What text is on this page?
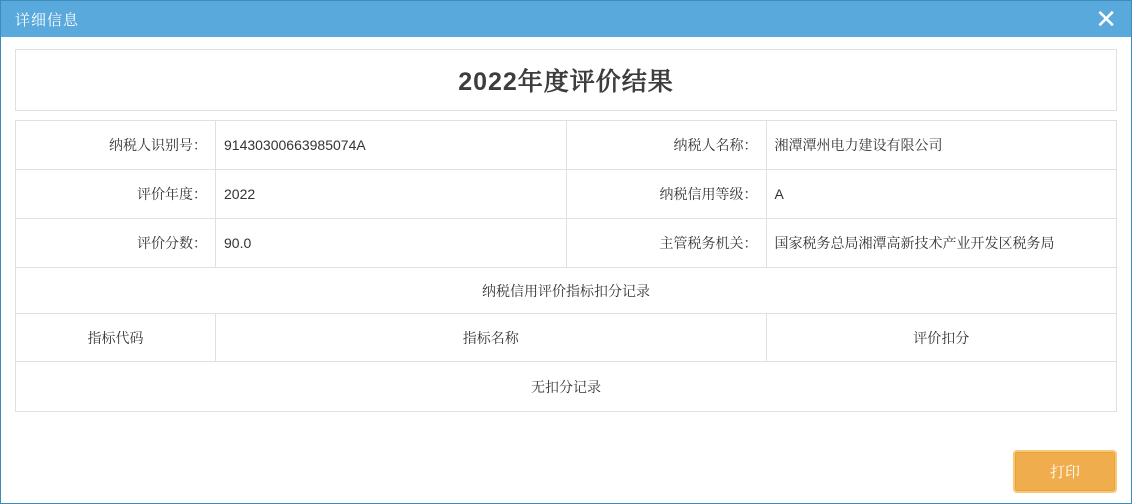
详细信息	✕
2022年度评价结果
纳税人识别号：	91430300663985074A	纳税人名称：	湘潭潭州电力建设有限公司
评价年度：	2022	纳税信用等级：	A
评价分数：	90.0	主管税务机关：	国家税务总局湘潭高新技术产业开发区税务局
纳税信用评价指标扣分记录			
指标代码	指标名称		评价扣分
无扣分记录			
打印
